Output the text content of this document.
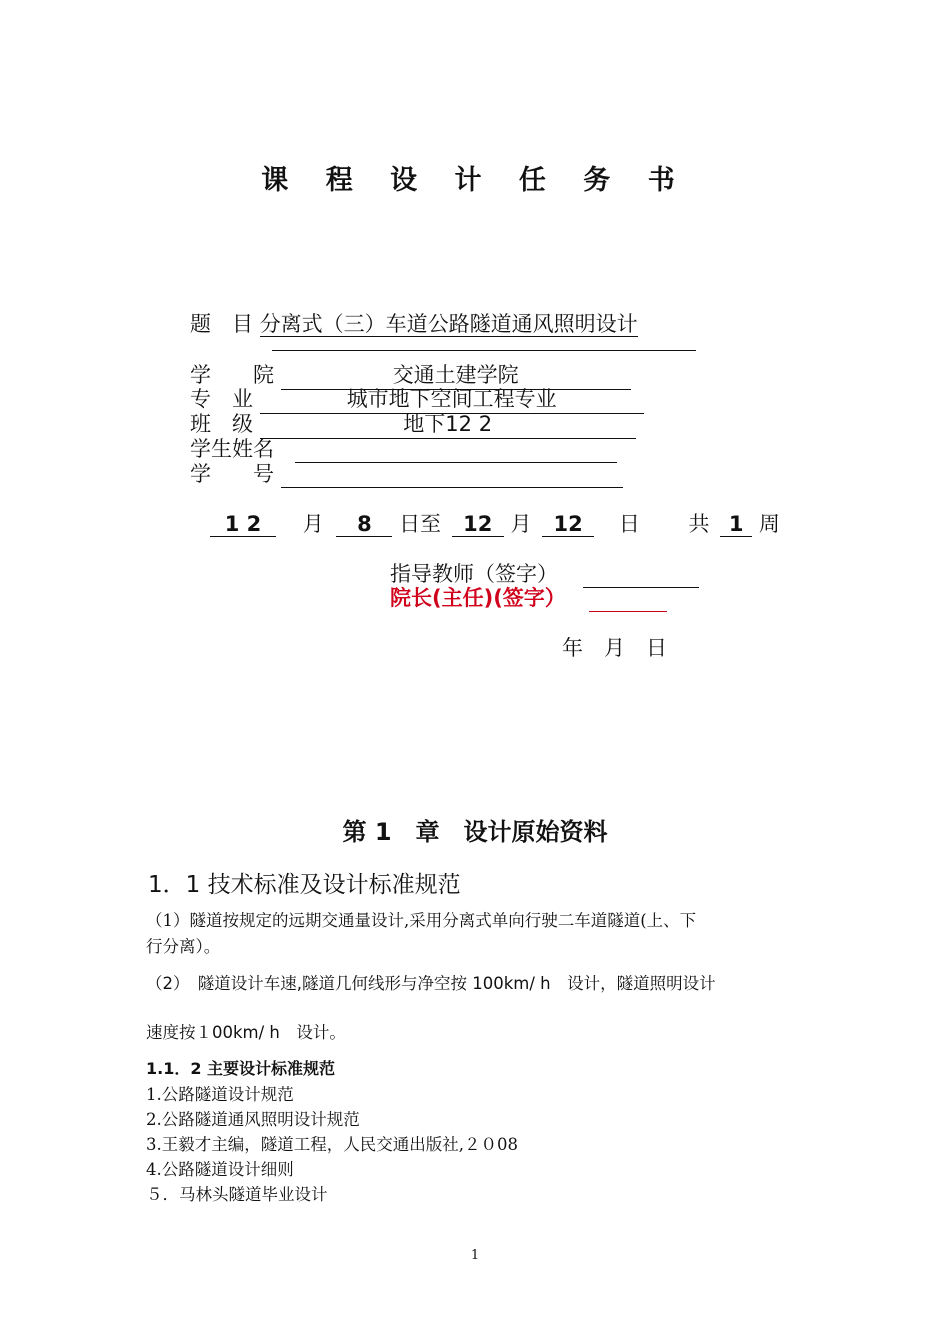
课 程 设 计 任 务 书
题　目 分离式（三）车道公路隧道通风照明设计
学　　院	交通土建学院
专　业	城市地下空间工程专业
班　级	地下12 2
学生姓名
学　　号
1 2 月 8 日至 12 月 12 日 共 1 周
指导教师（签字）
院长(主任)(签字）
年　月　日
第 1　章　设计原始资料
1．1 技术标准及设计标准规范
（1）隧道按规定的远期交通量设计,采用分离式单向行驶二车道隧道(上、下
行分离）。
（2）　隧道设计车速,隧道几何线形与净空按 100km/ h　设计，隧道照明设计
速度按１00km/ h　设计。
1.1．2 主要设计标准规范
1.公路隧道设计规范
2.公路隧道通风照明设计规范
3.王毅才主编，隧道工程，人民交通出版社,２０08
4.公路隧道设计细则
５．马林头隧道毕业设计
1
